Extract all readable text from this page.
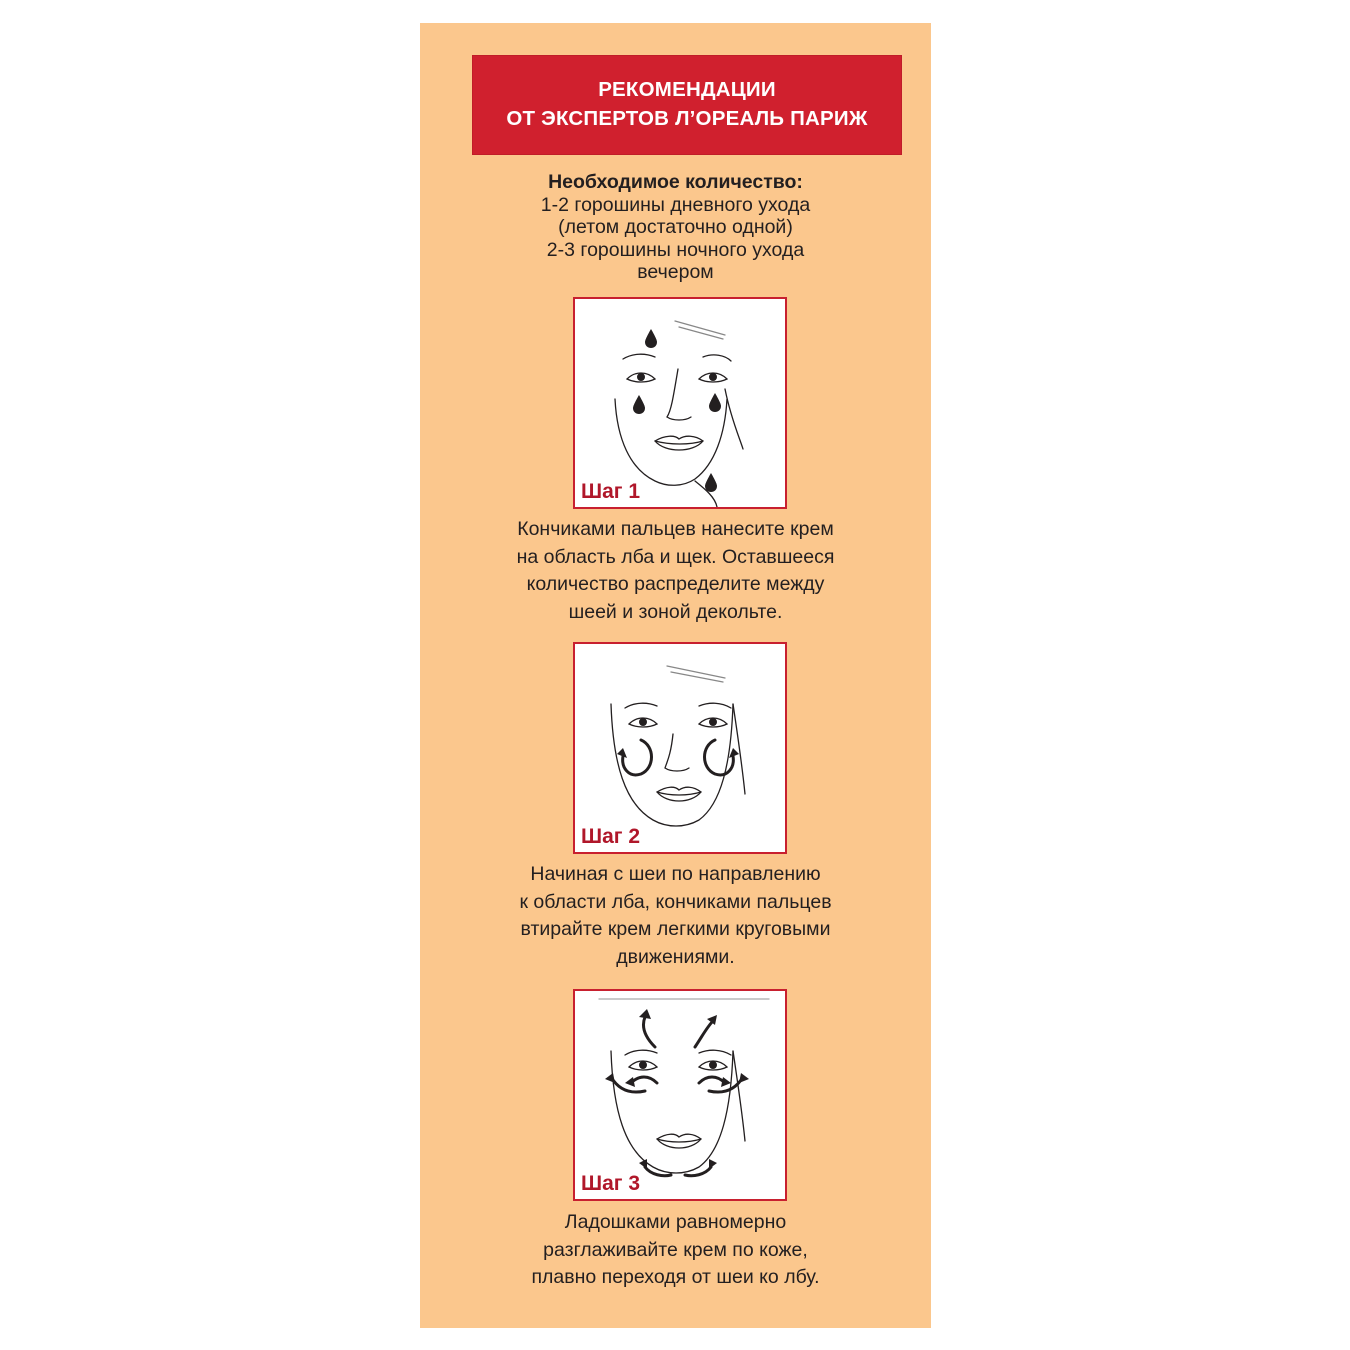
РЕКОМЕНДАЦИИ
ОТ ЭКСПЕРТОВ Л’ОРЕАЛЬ ПАРИЖ
Необходимое количество:
1-2 горошины дневного ухода
(летом достаточно одной)
2-3 горошины ночного ухода
вечером
Шаг 1
Кончиками пальцев нанесите крем
на область лба и щек. Оставшееся
количество распределите между
шеей и зоной декольте.
Шаг 2
Начиная с шеи по направлению
к области лба, кончиками пальцев
втирайте крем легкими круговыми
движениями.
Шаг 3
Ладошками равномерно
разглаживайте крем по коже,
плавно переходя от шеи ко лбу.
